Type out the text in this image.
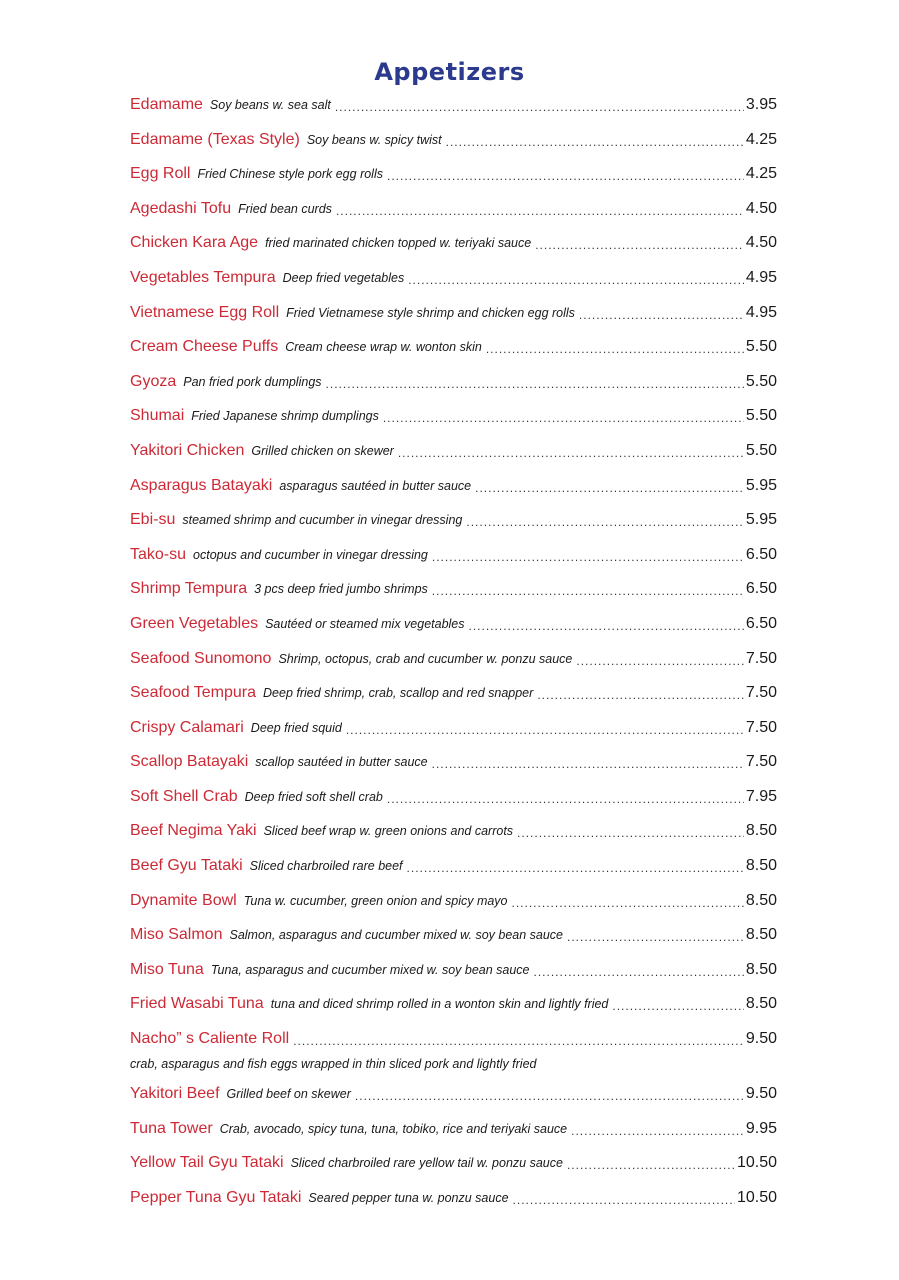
Appetizers
Edamame Soy beans w. sea salt .....	3.95
Edamame (Texas Style) Soy beans w. spicy twist .....	4.25
Egg Roll Fried Chinese style pork egg rolls .....	4.25
Agedashi Tofu Fried bean curds .....	4.50
Chicken Kara Age fried marinated chicken topped w. teriyaki sauce .....	4.50
Vegetables Tempura Deep fried vegetables .....	4.95
Vietnamese Egg Roll Fried Vietnamese style shrimp and chicken egg rolls .....	4.95
Cream Cheese Puffs Cream cheese wrap w. wonton skin .....	5.50
Gyoza Pan fried pork dumplings .....	5.50
Shumai Fried Japanese shrimp dumplings .....	5.50
Yakitori Chicken Grilled chicken on skewer .....	5.50
Asparagus Batayaki asparagus sautéed in butter sauce .....	5.95
Ebi-su steamed shrimp and cucumber in vinegar dressing .....	5.95
Tako-su octopus and cucumber in vinegar dressing .....	6.50
Shrimp Tempura 3 pcs deep fried jumbo shrimps .....	6.50
Green Vegetables Sautéed or steamed mix vegetables .....	6.50
Seafood Sunomono Shrimp, octopus, crab and cucumber w. ponzu sauce .....	7.50
Seafood Tempura Deep fried shrimp, crab, scallop and red snapper .....	7.50
Crispy Calamari Deep fried squid .....	7.50
Scallop Batayaki scallop sautéed in butter sauce .....	7.50
Soft Shell Crab Deep fried soft shell crab .....	7.95
Beef Negima Yaki Sliced beef wrap w. green onions and carrots .....	8.50
Beef Gyu Tataki Sliced charbroiled rare beef .....	8.50
Dynamite Bowl Tuna w. cucumber, green onion and spicy mayo .....	8.50
Miso Salmon Salmon, asparagus and cucumber mixed w. soy bean sauce .....	8.50
Miso Tuna Tuna, asparagus and cucumber mixed w. soy bean sauce .....	8.50
Fried Wasabi Tuna tuna and diced shrimp rolled in a wonton skin and lightly fried .....	8.50
Nacho” s Caliente Roll .....	9.50
crab, asparagus and fish eggs wrapped in thin sliced pork and lightly fried
Yakitori Beef Grilled beef on skewer .....	9.50
Tuna Tower Crab, avocado, spicy tuna, tuna, tobiko, rice and teriyaki sauce .....	9.95
Yellow Tail Gyu Tataki Sliced charbroiled rare yellow tail w. ponzu sauce .....	10.50
Pepper Tuna Gyu Tataki Seared pepper tuna w. ponzu sauce .....	10.50
